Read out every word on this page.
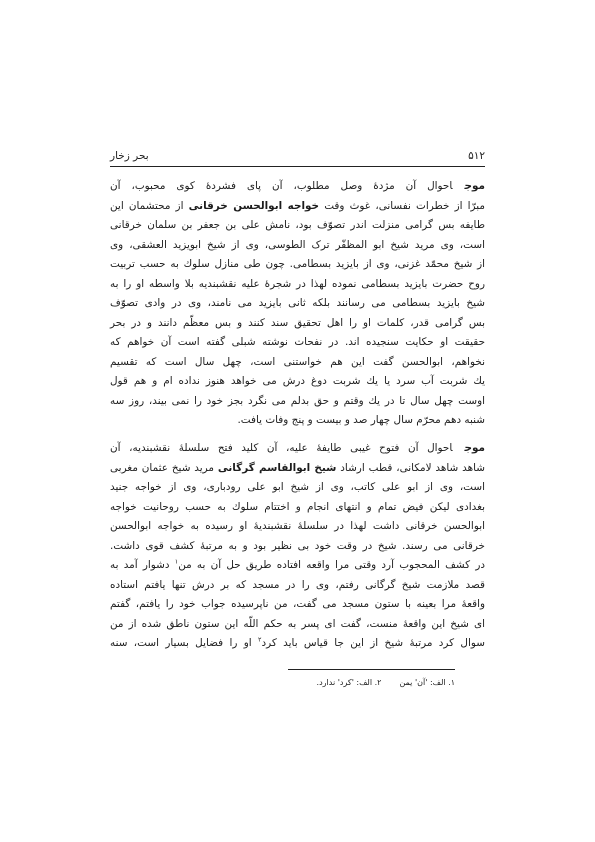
بحر زخار	۵۱۲
موجاحوال آن مژدهٔ وصل مطلوب، آن پای فشردهٔ کوی محبوب، آن
مبرّا از خطرات نفسانی، غوث وقت خواجه ابوالحسن خرقانی از محتشمان این
طایفه بس گرامی منزلت اندر تصوّف بود، نامش علی بن جعفر بن سلمان خرقانی
است، وی مرید شیخ ابو المظفّر ترک الطوسی، وی از شیخ ابویزید العشقی، وی
از شیخ محمّد غزنی، وی از بایزید بسطامی. چون طی منازل سلوك به حسب تربیت
روح حضرت بایزید بسطامی نموده لهذا در شجرهٔ علیه نقشبندیه بلا واسطه او را به
شیخ بایزید بسطامی می رسانند بلکه ثانی بایزید می نامند، وی در وادی تصوّف
بس گرامی قدر، کلمات او را اهل تحقیق سند کنند و بس معظّم دانند و در بحر
حقیقت او حکایت سنجیده اند. در نفحات نوشته شبلی گفته است آن خواهم که
نخواهم، ابوالحسن گفت این هم خواستنی است، چهل سال است که تقسیم
یك شربت آب سرد یا یك شربت دوغ درش می خواهد هنوز نداده ام و هم قول
اوست چهل سال تا در یك وقتم و حق بدلم می نگرد بجز خود را نمی بیند، روز سه
شنبه دهم محرّم سال چهار صد و بیست و پنج وفات یافت.
موجاحوال آن فتوح غیبی طایفهٔ علیه، آن کلید فتح سلسلهٔ نقشبندیه، آن
شاهد شاهد لامکانی، قطب ارشاد شیخ ابوالقاسم گرگانی مرید شیخ عثمان مغربی
است، وی از ابو علی کاتب، وی از شیخ ابو علی رودباری، وی از خواجه جنید
بغدادی لیکن فیض تمام و انتهای انجام و اختتام سلوك به حسب روحانیت خواجه
ابوالحسن خرقانی داشت لهذا در سلسلهٔ نقشبندیهٔ او رسیده به خواجه ابوالحسن
خرقانی می رسند. شیخ در وقت خود بی نظیر بود و به مرتبهٔ کشف قوی داشت.
در کشف المحجوب آرد وقتی مرا واقعه افتاده طریق حل آن به من$^۱$ دشوار آمد به
قصد ملازمت شیخ گرگانی رفتم، وی را در مسجد که بر درش تنها یافتم استاده
واقعهٔ مرا بعینه با ستون مسجد می گفت، من ناپرسیده جواب خود را یافتم، گفتم
ای شیخ این واقعهٔ منست، گفت ای پسر به حکم اللّه این ستون ناطق شده از من
سوال کرد مرتبهٔ شیخ از این جا قیاس باید کرد$^۲$ او را فضایل بسیار است، سنه
۱. الف: 'آن' یمن
۲. الف: 'کرد' ندارد.
